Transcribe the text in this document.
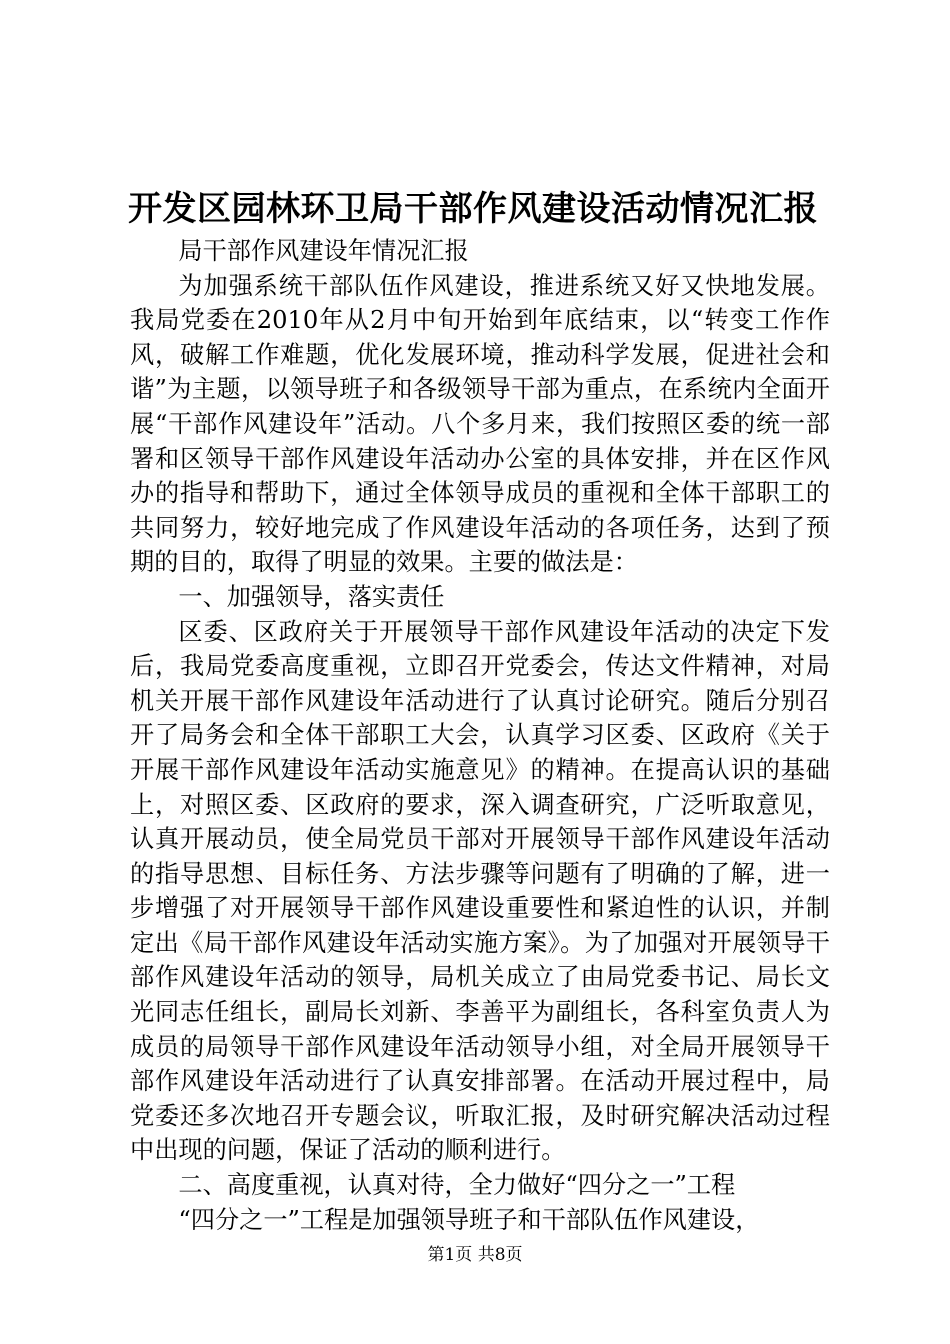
开发区园林环卫局干部作风建设活动情况汇报

局干部作风建设年情况汇报

为加强系统干部队伍作风建设，推进系统又好又快地发展。我局党委在2010年从2月中旬开始到年底结束，以“转变工作作风，破解工作难题，优化发展环境，推动科学发展，促进社会和谐”为主题，以领导班子和各级领导干部为重点，在系统内全面开展“干部作风建设年”活动。八个多月来，我们按照区委的统一部署和区领导干部作风建设年活动办公室的具体安排，并在区作风办的指导和帮助下，通过全体领导成员的重视和全体干部职工的共同努力，较好地完成了作风建设年活动的各项任务，达到了预期的目的，取得了明显的效果。主要的做法是：

一、加强领导，落实责任

区委、区政府关于开展领导干部作风建设年活动的决定下发后，我局党委高度重视，立即召开党委会，传达文件精神，对局机关开展干部作风建设年活动进行了认真讨论研究。随后分别召开了局务会和全体干部职工大会，认真学习区委、区政府《关于开展干部作风建设年活动实施意见》的精神。在提高认识的基础上，对照区委、区政府的要求，深入调查研究，广泛听取意见，认真开展动员，使全局党员干部对开展领导干部作风建设年活动的指导思想、目标任务、方法步骤等问题有了明确的了解，进一步增强了对开展领导干部作风建设重要性和紧迫性的认识，并制定出《局干部作风建设年活动实施方案》。为了加强对开展领导干部作风建设年活动的领导，局机关成立了由局党委书记、局长文光同志任组长，副局长刘新、李善平为副组长，各科室负责人为成员的局领导干部作风建设年活动领导小组，对全局开展领导干部作风建设年活动进行了认真安排部署。在活动开展过程中，局党委还多次地召开专题会议，听取汇报，及时研究解决活动过程中出现的问题，保证了活动的顺利进行。

二、高度重视，认真对待，全力做好“四分之一”工程

“四分之一”工程是加强领导班子和干部队伍作风建设，

第1页 共8页
